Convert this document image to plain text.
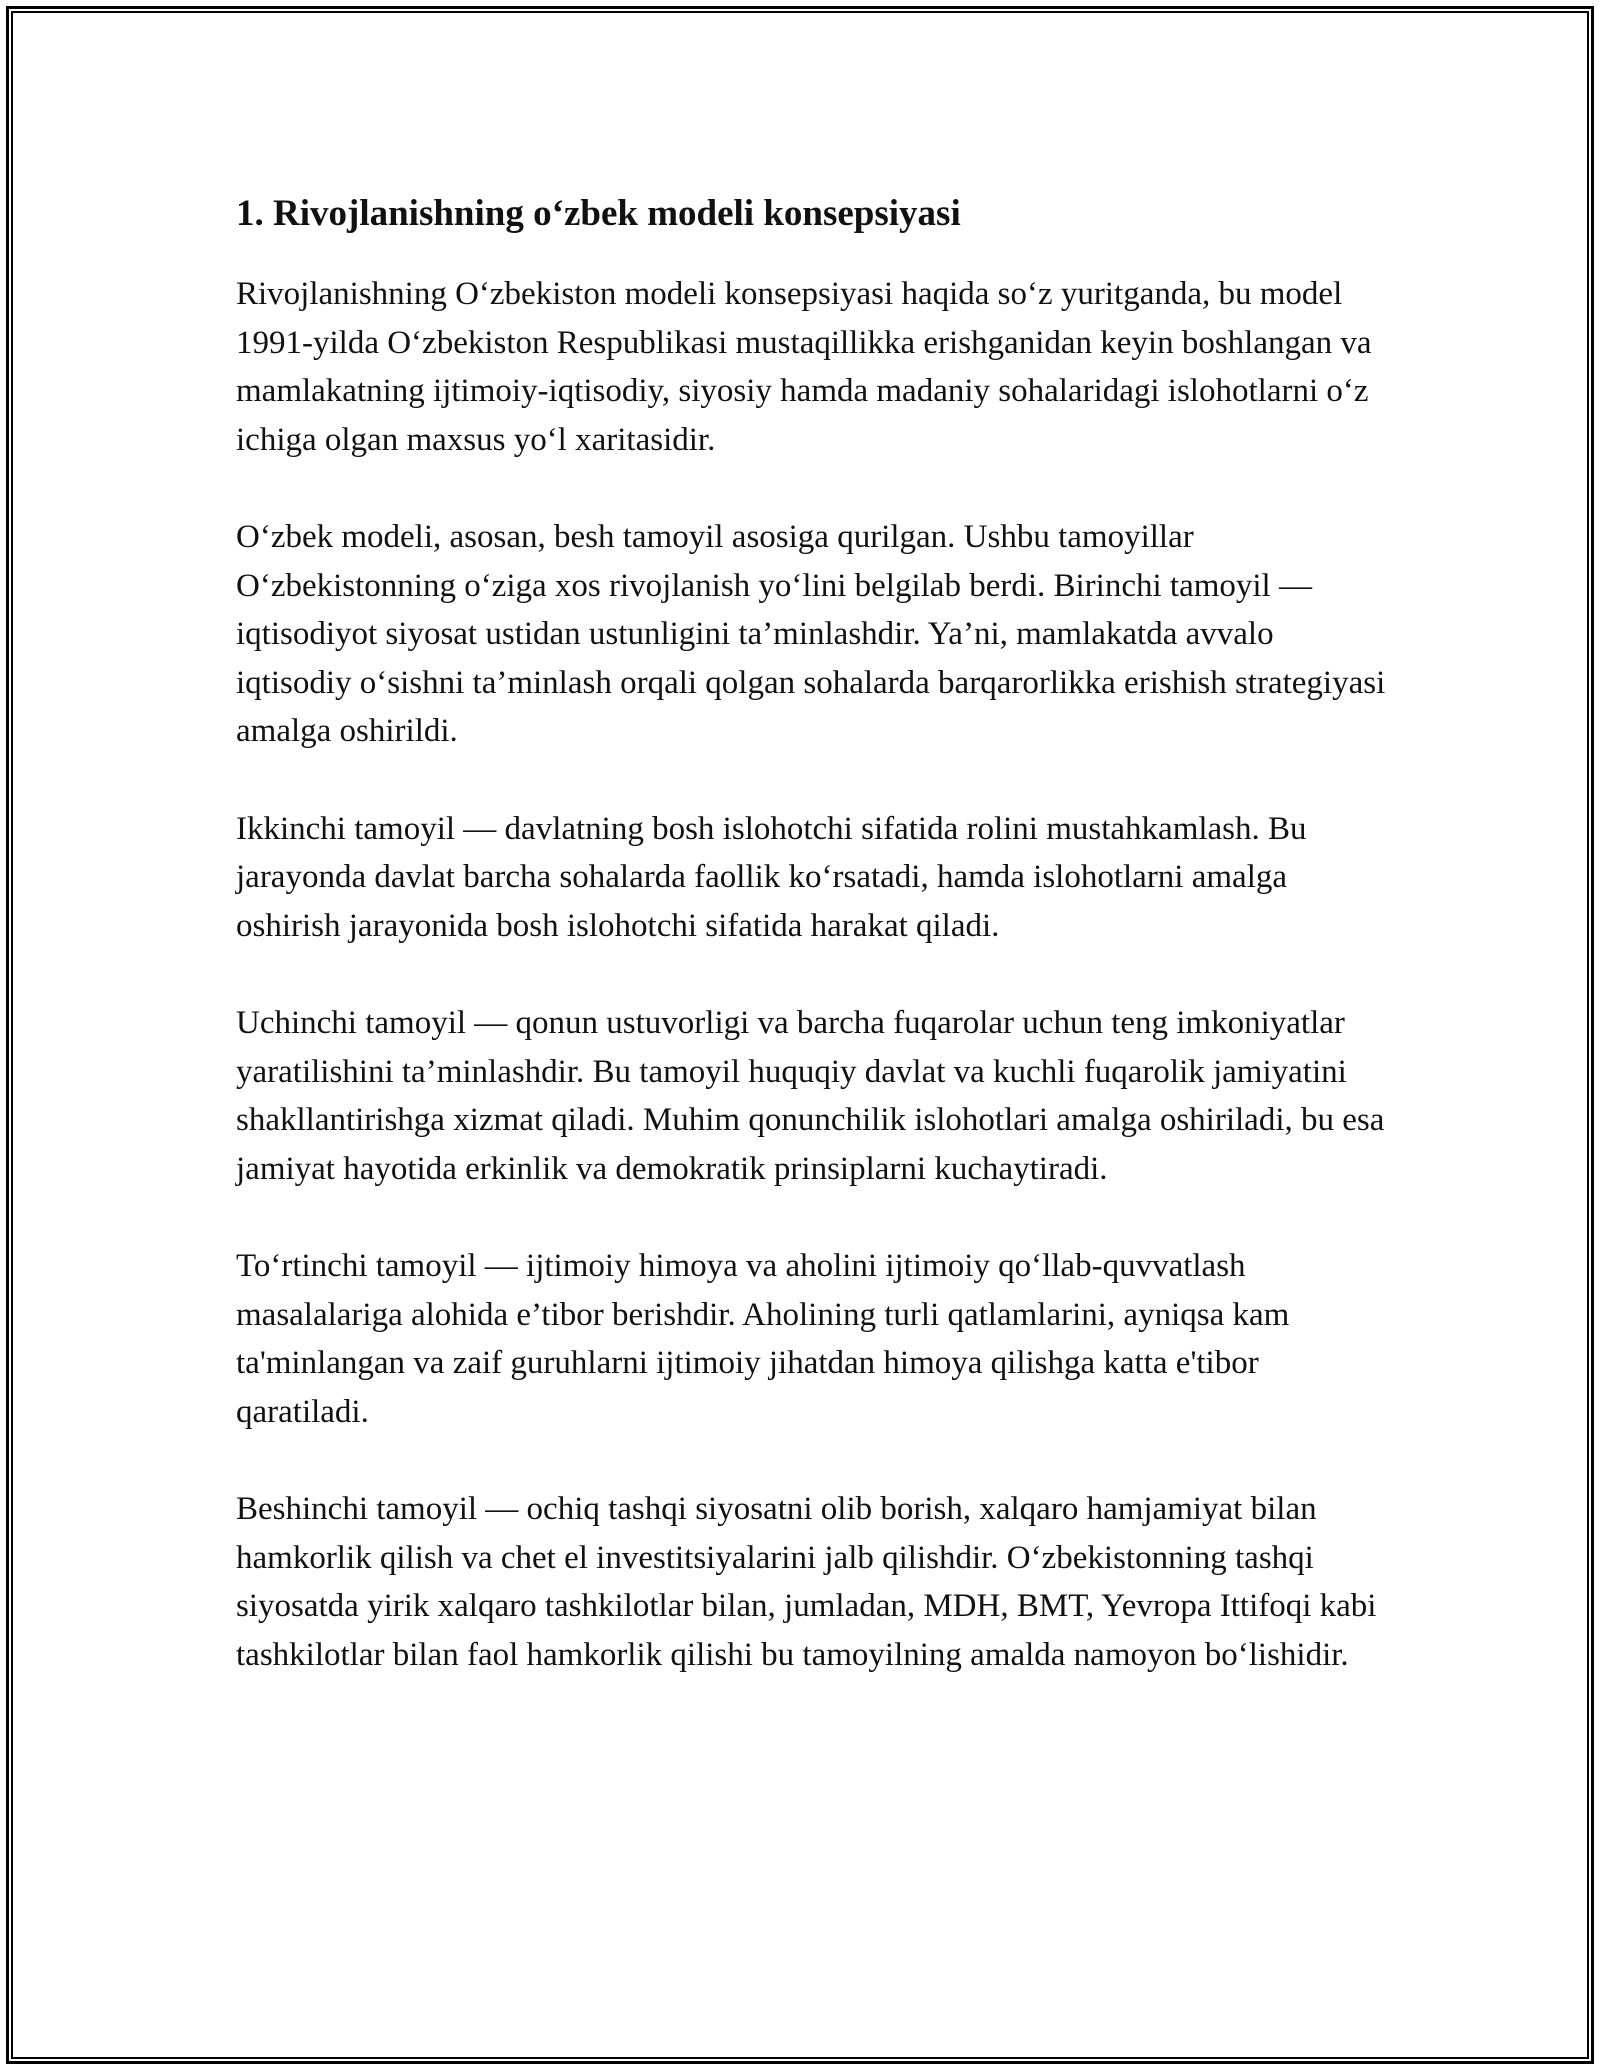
1. Rivojlanishning o‘zbek modeli konsepsiyasi

Rivojlanishning O‘zbekiston modeli konsepsiyasi haqida so‘z yuritganda, bu model 1991-yilda O‘zbekiston Respublikasi mustaqillikka erishganidan keyin boshlangan va mamlakatning ijtimoiy-iqtisodiy, siyosiy hamda madaniy sohalaridagi islohotlarni o‘z ichiga olgan maxsus yo‘l xaritasidir.

O‘zbek modeli, asosan, besh tamoyil asosiga qurilgan. Ushbu tamoyillar O‘zbekistonning o‘ziga xos rivojlanish yo‘lini belgilab berdi. Birinchi tamoyil — iqtisodiyot siyosat ustidan ustunligini ta’minlashdir. Ya’ni, mamlakatda avvalo iqtisodiy o‘sishni ta’minlash orqali qolgan sohalarda barqarorlikka erishish strategiyasi amalga oshirildi.

Ikkinchi tamoyil — davlatning bosh islohotchi sifatida rolini mustahkamlash. Bu jarayonda davlat barcha sohalarda faollik ko‘rsatadi, hamda islohotlarni amalga oshirish jarayonida bosh islohotchi sifatida harakat qiladi.

Uchinchi tamoyil — qonun ustuvorligi va barcha fuqarolar uchun teng imkoniyatlar yaratilishini ta’minlashdir. Bu tamoyil huquqiy davlat va kuchli fuqarolik jamiyatini shakllantirishga xizmat qiladi. Muhim qonunchilik islohotlari amalga oshiriladi, bu esa jamiyat hayotida erkinlik va demokratik prinsiplarni kuchaytiradi.

To‘rtinchi tamoyil — ijtimoiy himoya va aholini ijtimoiy qo‘llab-quvvatlash masalalariga alohida e’tibor berishdir. Aholining turli qatlamlarini, ayniqsa kam ta'minlangan va zaif guruhlarni ijtimoiy jihatdan himoya qilishga katta e'tibor qaratiladi.

Beshinchi tamoyil — ochiq tashqi siyosatni olib borish, xalqaro hamjamiyat bilan hamkorlik qilish va chet el investitsiyalarini jalb qilishdir. O‘zbekistonning tashqi siyosatda yirik xalqaro tashkilotlar bilan, jumladan, MDH, BMT, Yevropa Ittifoqi kabi tashkilotlar bilan faol hamkorlik qilishi bu tamoyilning amalda namoyon bo‘lishidir.
